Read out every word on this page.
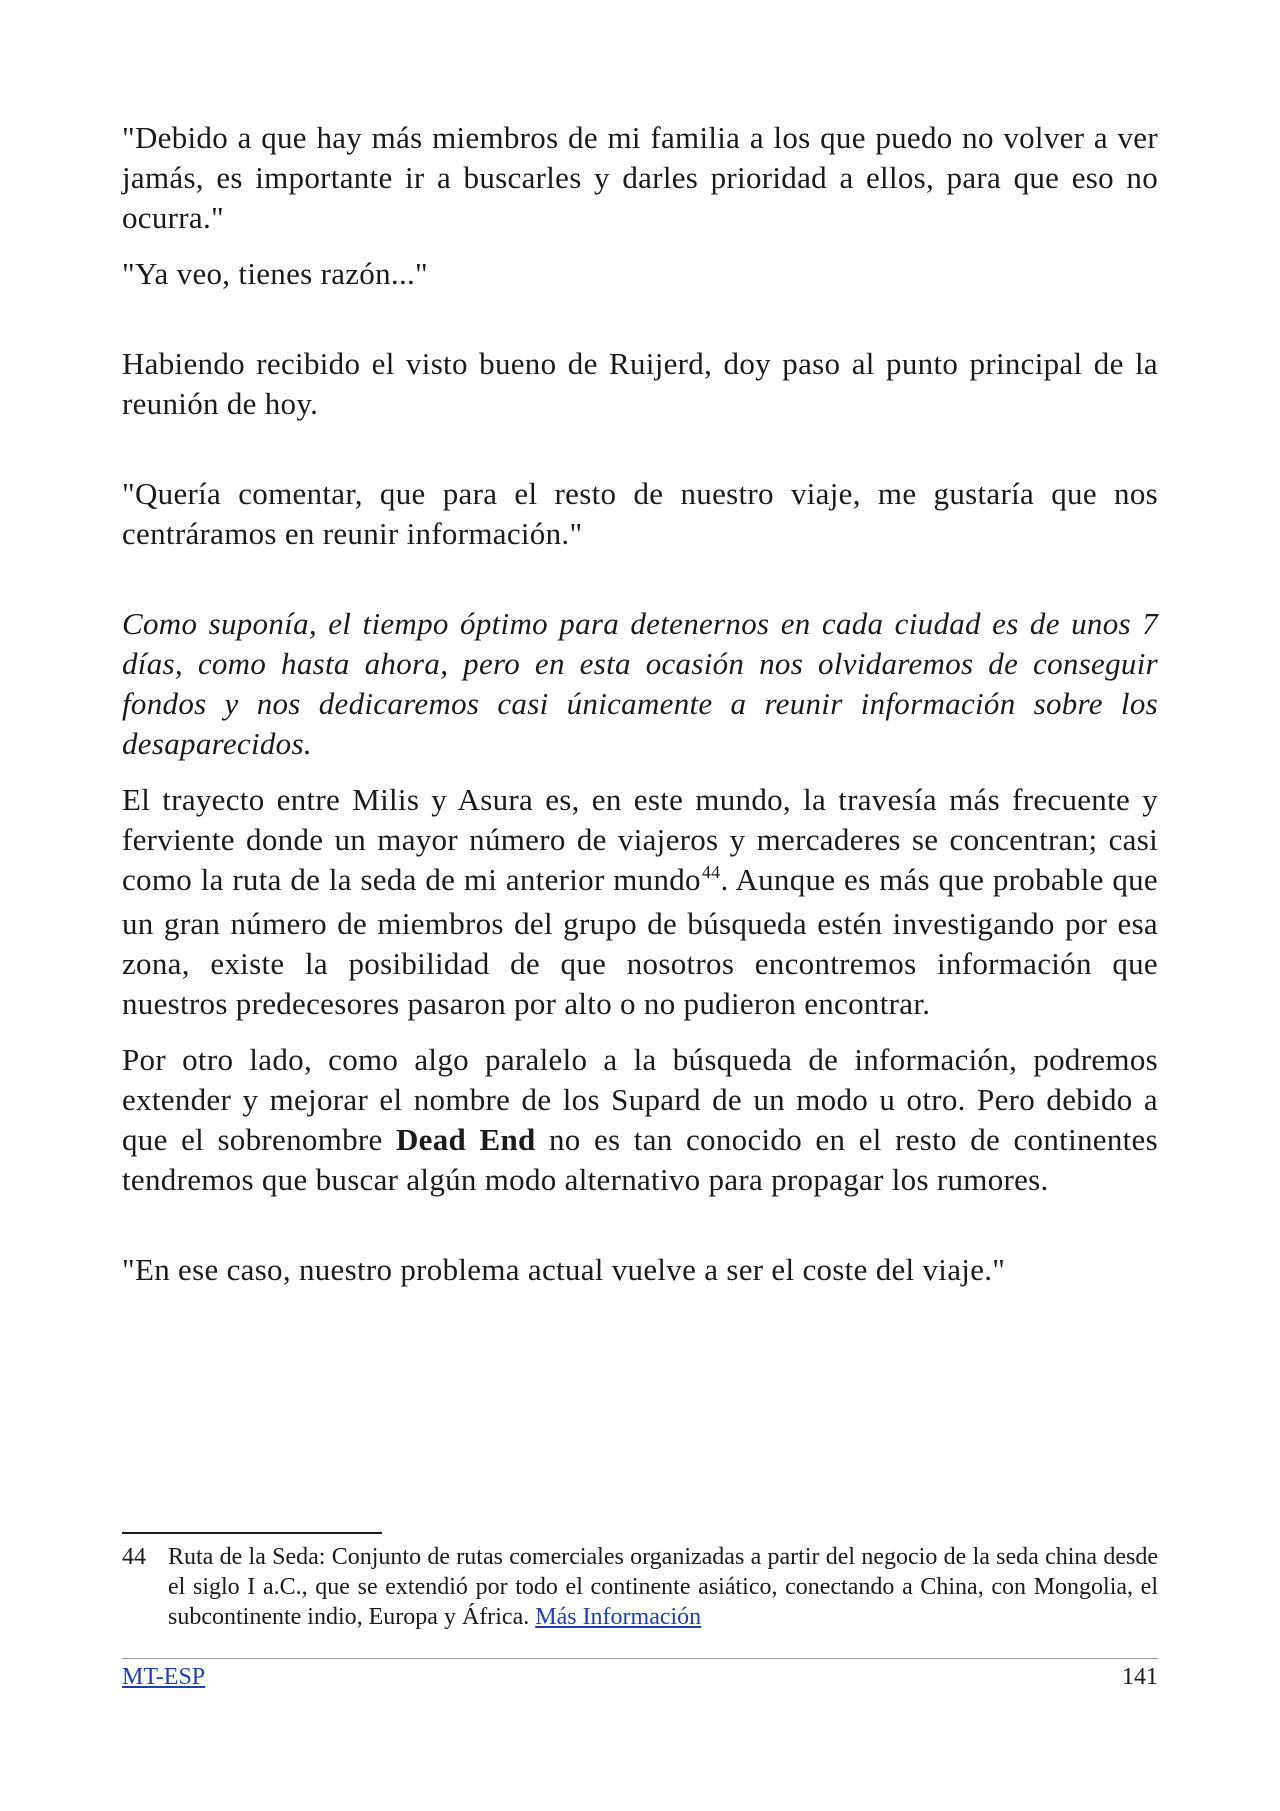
"Debido a que hay más miembros de mi familia a los que puedo no volver a ver jamás, es importante ir a buscarles y darles prioridad a ellos, para que eso no ocurra."

"Ya veo, tienes razón..."

Habiendo recibido el visto bueno de Ruijerd, doy paso al punto principal de la reunión de hoy.

"Quería comentar, que para el resto de nuestro viaje, me gustaría que nos centráramos en reunir información."

Como suponía, el tiempo óptimo para detenernos en cada ciudad es de unos 7 días, como hasta ahora, pero en esta ocasión nos olvidaremos de conseguir fondos y nos dedicaremos casi únicamente a reunir información sobre los desaparecidos.

El trayecto entre Milis y Asura es, en este mundo, la travesía más frecuente y ferviente donde un mayor número de viajeros y mercaderes se concentran; casi como la ruta de la seda de mi anterior mundo$^{44}$. Aunque es más que probable que un gran número de miembros del grupo de búsqueda estén investigando por esa zona, existe la posibilidad de que nosotros encontremos información que nuestros predecesores pasaron por alto o no pudieron encontrar.

Por otro lado, como algo paralelo a la búsqueda de información, podremos extender y mejorar el nombre de los Supard de un modo u otro. Pero debido a que el sobrenombre Dead End no es tan conocido en el resto de continentes tendremos que buscar algún modo alternativo para propagar los rumores.

"En ese caso, nuestro problema actual vuelve a ser el coste del viaje."

44 Ruta de la Seda: Conjunto de rutas comerciales organizadas a partir del negocio de la seda china desde el siglo I a.C., que se extendió por todo el continente asiático, conectando a China, con Mongolia, el subcontinente indio, Europa y África. Más Información
MT-ESP	141
